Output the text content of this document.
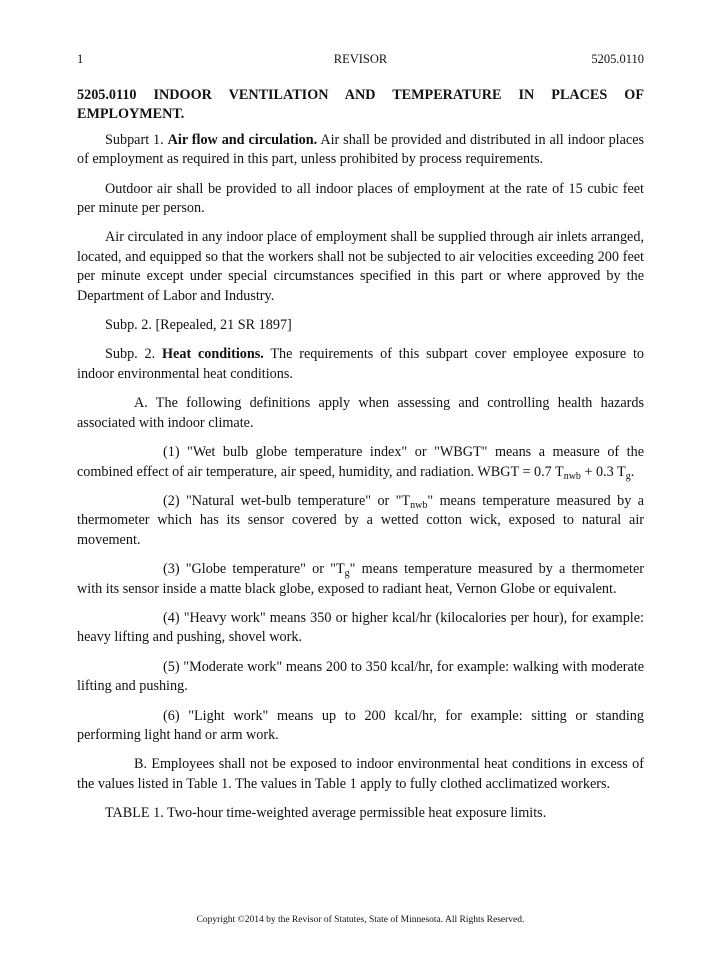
1	REVISOR	5205.0110
5205.0110 INDOOR VENTILATION AND TEMPERATURE IN PLACES OF EMPLOYMENT.

Subpart 1. Air flow and circulation. Air shall be provided and distributed in all indoor places of employment as required in this part, unless prohibited by process requirements.

Outdoor air shall be provided to all indoor places of employment at the rate of 15 cubic feet per minute per person.

Air circulated in any indoor place of employment shall be supplied through air inlets arranged, located, and equipped so that the workers shall not be subjected to air velocities exceeding 200 feet per minute except under special circumstances specified in this part or where approved by the Department of Labor and Industry.

Subp. 2. [Repealed, 21 SR 1897]

Subp. 2. Heat conditions. The requirements of this subpart cover employee exposure to indoor environmental heat conditions.

A. The following definitions apply when assessing and controlling health hazards associated with indoor climate.

(1) "Wet bulb globe temperature index" or "WBGT" means a measure of the combined effect of air temperature, air speed, humidity, and radiation. WBGT = 0.7 $T_{nwb} + 0.3$ $T_g$.

(2) "Natural wet-bulb temperature" or "$T_{nwb}$" means temperature measured by a thermometer which has its sensor covered by a wetted cotton wick, exposed to natural air movement.

(3) "Globe temperature" or "$T_g$" means temperature measured by a thermometer with its sensor inside a matte black globe, exposed to radiant heat, Vernon Globe or equivalent.

(4) "Heavy work" means 350 or higher kcal/hr (kilocalories per hour), for example: heavy lifting and pushing, shovel work.

(5) "Moderate work" means 200 to 350 kcal/hr, for example: walking with moderate lifting and pushing.

(6) "Light work" means up to 200 kcal/hr, for example: sitting or standing performing light hand or arm work.

B. Employees shall not be exposed to indoor environmental heat conditions in excess of the values listed in Table 1. The values in Table 1 apply to fully clothed acclimatized workers.

TABLE 1. Two-hour time-weighted average permissible heat exposure limits.

Copyright ©2014 by the Revisor of Statutes, State of Minnesota. All Rights Reserved.
